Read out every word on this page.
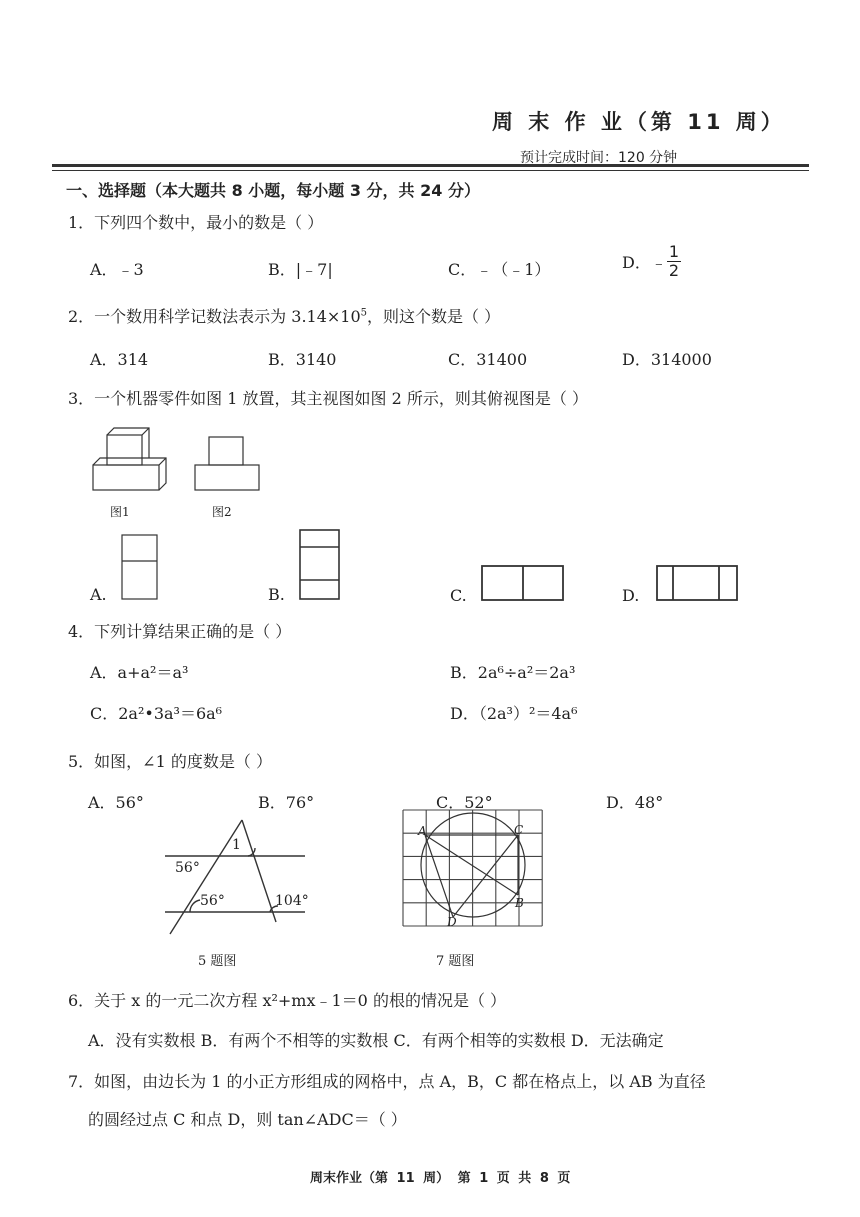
周 末 作 业（第 11 周）
预计完成时间：120 分钟
一、选择题（本大题共 8 小题，每小题 3 分，共 24 分）
1．下列四个数中，最小的数是（ ）
A．﹣3	B．|﹣7|	C．﹣（﹣1）	D．﹣ $\frac{1}{2}$
2．一个数用科学记数法表示为 $3.14\times 10^5$，则这个数是（ ）
A．314	B．3140	C．31400	D．314000
3．一个机器零件如图 1 放置，其主视图如图 2 所示，则其俯视图是（ ）
图1	图2
A.	B.	C.	D.
4．下列计算结果正确的是（ ）
A．a+a²＝a³	B．2a⁶÷a²＝2a³
C．2a²•3a³＝6a⁶	D．（2a³）²＝4a⁶
5．如图，∠1 的度数是（ ）
A．56°	B．76°	C．52°	D．48°
1
56°
56°	104°
5 题图
A	C
B
D
7 题图
6．关于 x 的一元二次方程 x²+mx﹣1＝0 的根的情况是（ ）
A．没有实数根 B．有两个不相等的实数根 C．有两个相等的实数根 D．无法确定
7．如图，由边长为 1 的小正方形组成的网格中，点 A，B，C 都在格点上，以 AB 为直径
的圆经过点 C 和点 D，则 tan∠ADC＝（ ）
周末作业（第 11 周） 第 1 页 共 8 页
